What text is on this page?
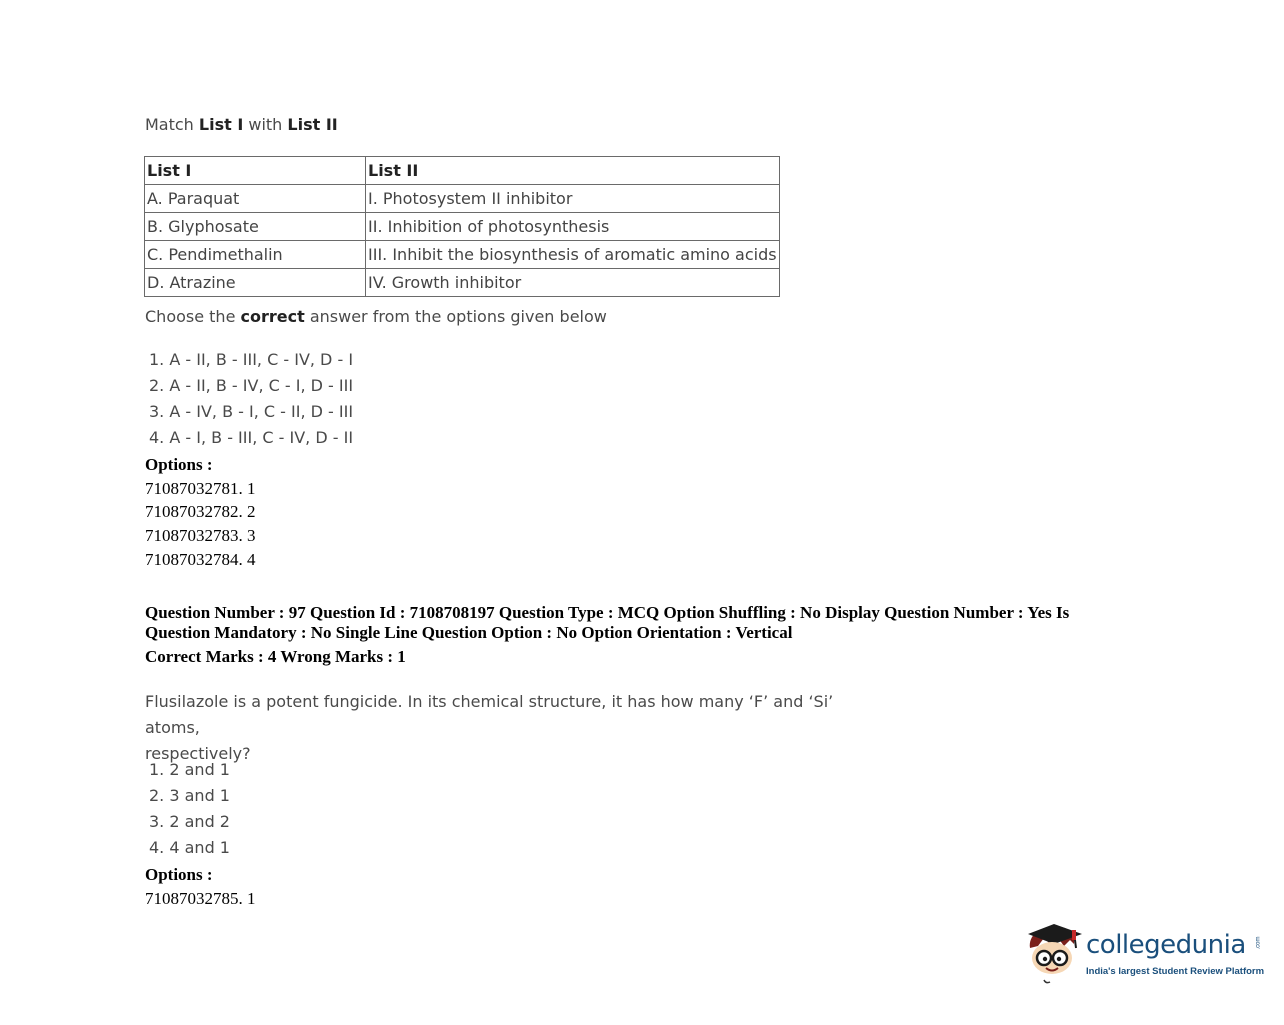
Match List I with List II
List I	List II
A. Paraquat	I. Photosystem II inhibitor
B. Glyphosate	II. Inhibition of photosynthesis
C. Pendimethalin	III. Inhibit the biosynthesis of aromatic amino acids
D. Atrazine	IV. Growth inhibitor
Choose the correct answer from the options given below
1. A - II, B - III, C - IV, D - I
2. A - II, B - IV, C - I, D - III
3. A - IV, B - I, C - II, D - III
4. A - I, B - III, C - IV, D - II
Options :
71087032781. 1
71087032782. 2
71087032783. 3
71087032784. 4
Question Number : 97 Question Id : 7108708197 Question Type : MCQ Option Shuffling : No Display Question Number : Yes Is
Question Mandatory : No Single Line Question Option : No Option Orientation : Vertical
Correct Marks : 4 Wrong Marks : 1
Flusilazole is a potent fungicide. In its chemical structure, it has how many ‘F’ and ‘Si’ atoms,
respectively?
1. 2 and 1
2. 3 and 1
3. 2 and 2
4. 4 and 1
Options :
71087032785. 1
collegedunia .com
India's largest Student Review Platform
